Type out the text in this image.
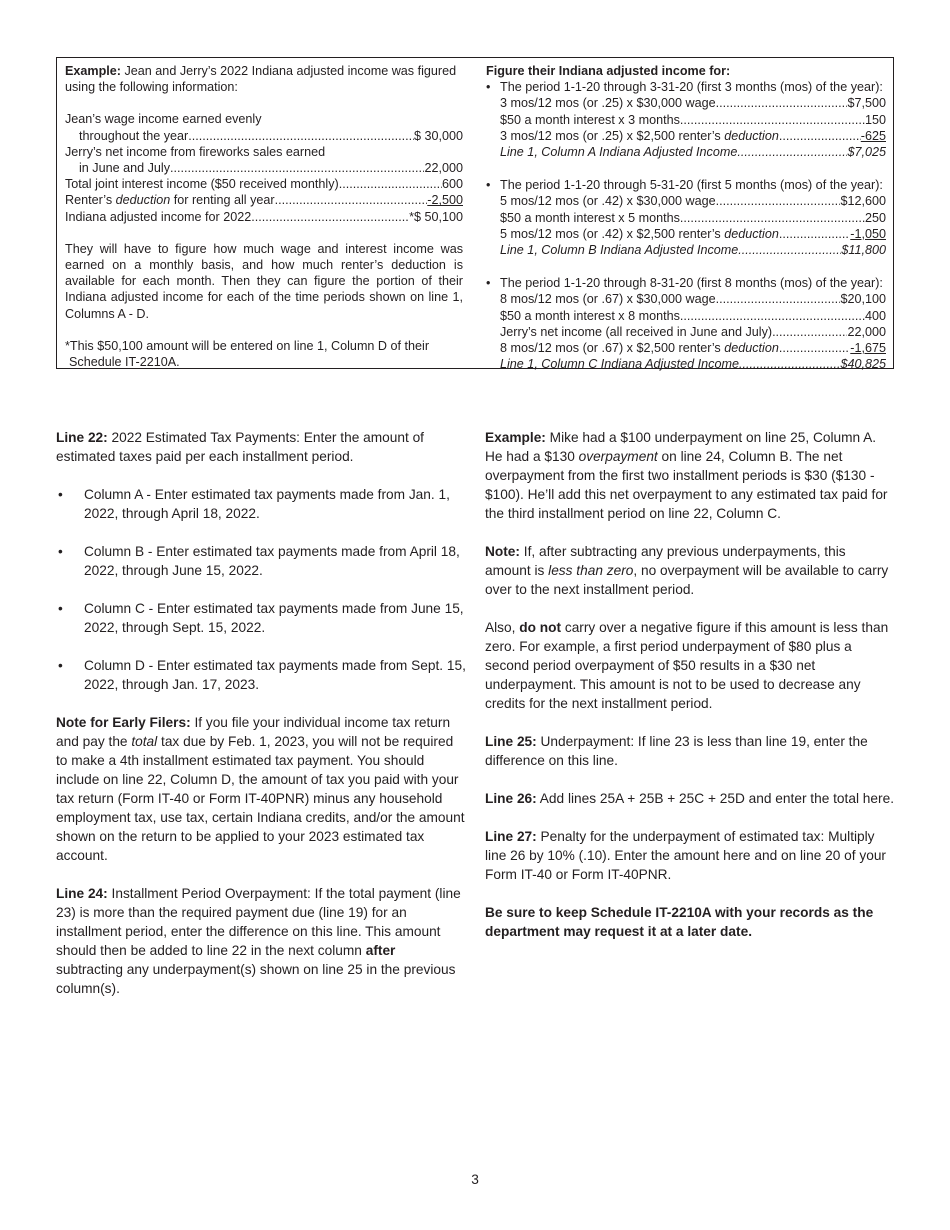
Example: Jean and Jerry’s 2022 Indiana adjusted income was figured using the following information:
Jean’s wage income earned evenly
throughout the year .....	$ 30,000
Jerry’s net income from fireworks sales earned
in June and July .....	22,000
Total joint interest income ($50 received monthly) .....	600
Renter’s deduction for renting all year .....	-2,500
Indiana adjusted income for 2022 .....	*$ 50,100
They will have to figure how much wage and interest income was earned on a monthly basis, and how much renter’s deduction is available for each month. Then they can figure the portion of their Indiana adjusted income for each of the time periods shown on line 1, Columns A - D.
*This $50,100 amount will be entered on line 1, Column D of their
Schedule IT-2210A.
Figure their Indiana adjusted income for:
• The period 1-1-20 through 3-31-20 (first 3 months (mos) of the year):
3 mos/12 mos (or .25) x $30,000 wage .....	$7,500
$50 a month interest x 3 months .....	150
3 mos/12 mos (or .25) x $2,500 renter’s deduction .....	-625
Line 1, Column A Indiana Adjusted Income .....	$7,025
• The period 1-1-20 through 5-31-20 (first 5 months (mos) of the year):
5 mos/12 mos (or .42) x $30,000 wage .....	$12,600
$50 a month interest x 5 months .....	250
5 mos/12 mos (or .42) x $2,500 renter’s deduction .....	-1,050
Line 1, Column B Indiana Adjusted Income .....	$11,800
• The period 1-1-20 through 8-31-20 (first 8 months (mos) of the year):
8 mos/12 mos (or .67) x $30,000 wage .....	$20,100
$50 a month interest x 8 months .....	400
Jerry’s net income (all received in June and July) .....	22,000
8 mos/12 mos (or .67) x $2,500 renter’s deduction .....	-1,675
Line 1, Column C Indiana Adjusted Income .....	$40,825

Line 22: 2022 Estimated Tax Payments: Enter the amount of estimated taxes paid per each installment period.

• Column A - Enter estimated tax payments made from Jan. 1, 2022, through April 18, 2022.
• Column B - Enter estimated tax payments made from April 18, 2022, through June 15, 2022.
• Column C - Enter estimated tax payments made from June 15, 2022, through Sept. 15, 2022.
• Column D - Enter estimated tax payments made from Sept. 15, 2022, through Jan. 17, 2023.

Note for Early Filers: If you file your individual income tax return and pay the total tax due by Feb. 1, 2023, you will not be required to make a 4th installment estimated tax payment. You should include on line 22, Column D, the amount of tax you paid with your tax return (Form IT-40 or Form IT-40PNR) minus any household employment tax, use tax, certain Indiana credits, and/or the amount shown on the return to be applied to your 2023 estimated tax account.

Line 24: Installment Period Overpayment: If the total payment (line 23) is more than the required payment due (line 19) for an installment period, enter the difference on this line. This amount should then be added to line 22 in the next column after subtracting any underpayment(s) shown on line 25 in the previous column(s).

Example: Mike had a $100 underpayment on line 25, Column A. He had a $130 overpayment on line 24, Column B. The net overpayment from the first two installment periods is $30 ($130 - $100). He’ll add this net overpayment to any estimated tax paid for the third installment period on line 22, Column C.

Note: If, after subtracting any previous underpayments, this amount is less than zero, no overpayment will be available to carry over to the next installment period.

Also, do not carry over a negative figure if this amount is less than zero. For example, a first period underpayment of $80 plus a second period overpayment of $50 results in a $30 net underpayment. This amount is not to be used to decrease any credits for the next installment period.

Line 25: Underpayment: If line 23 is less than line 19, enter the difference on this line.

Line 26: Add lines 25A + 25B + 25C + 25D and enter the total here.

Line 27: Penalty for the underpayment of estimated tax: Multiply line 26 by 10% (.10). Enter the amount here and on line 20 of your Form IT-40 or Form IT-40PNR.

Be sure to keep Schedule IT-2210A with your records as the department may request it at a later date.

3
